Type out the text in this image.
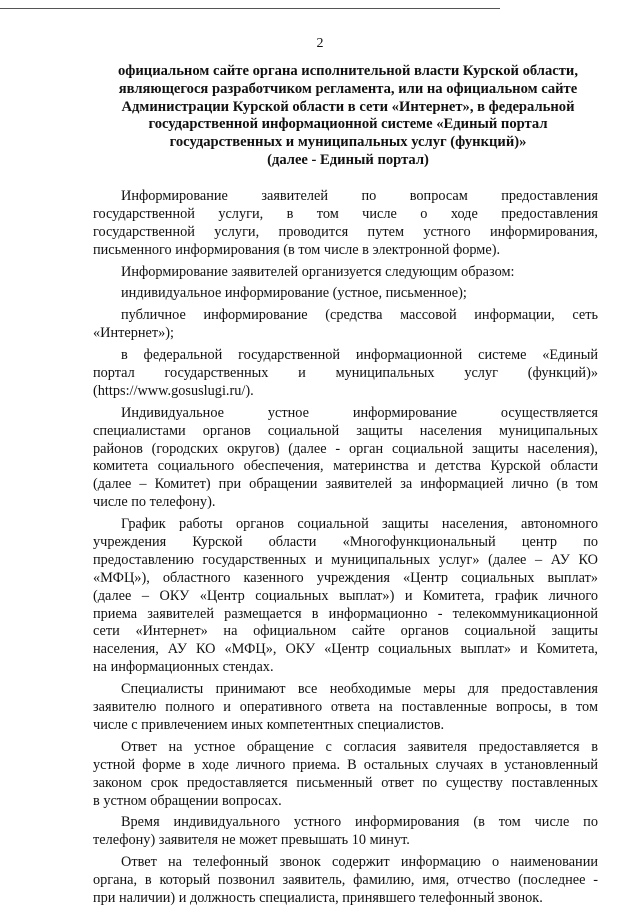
2
официальном сайте органа исполнительной власти Курской области,
являющегося разработчиком регламента, или на официальном сайте
Администрации Курской области в сети «Интернет», в федеральной
государственной информационной системе «Единый портал
государственных и муниципальных услуг (функций)»
(далее - Единый портал)

Информирование заявителей по вопросам предоставления
государственной услуги, в том числе о ходе предоставления
государственной услуги, проводится путем устного информирования,
письменного информирования (в том числе в электронной форме).

Информирование заявителей организуется следующим образом:

индивидуальное информирование (устное, письменное);

публичное информирование (средства массовой информации, сеть
«Интернет»);

в федеральной государственной информационной системе «Единый
портал государственных и муниципальных услуг (функций)»
(https://www.gosuslugi.ru/).

Индивидуальное устное информирование осуществляется
специалистами органов социальной защиты населения муниципальных
районов (городских округов) (далее - орган социальной защиты населения),
комитета социального обеспечения, материнства и детства Курской области
(далее – Комитет) при обращении заявителей за информацией лично (в том
числе по телефону).

График работы органов социальной защиты населения, автономного
учреждения Курской области «Многофункциональный центр по
предоставлению государственных и муниципальных услуг» (далее – АУ КО
«МФЦ»), областного казенного учреждения «Центр социальных выплат»
(далее – ОКУ «Центр социальных выплат») и Комитета, график личного
приема заявителей размещается в информационно - телекоммуникационной
сети «Интернет» на официальном сайте органов социальной защиты
населения, АУ КО «МФЦ», ОКУ «Центр социальных выплат» и Комитета,
на информационных стендах.

Специалисты принимают все необходимые меры для предоставления
заявителю полного и оперативного ответа на поставленные вопросы, в том
числе с привлечением иных компетентных специалистов.

Ответ на устное обращение с согласия заявителя предоставляется в
устной форме в ходе личного приема. В остальных случаях в установленный
законом срок предоставляется письменный ответ по существу поставленных
в устном обращении вопросах.

Время индивидуального устного информирования (в том числе по
телефону) заявителя не может превышать 10 минут.

Ответ на телефонный звонок содержит информацию о наименовании
органа, в который позвонил заявитель, фамилию, имя, отчество (последнее -
при наличии) и должность специалиста, принявшего телефонный звонок.
